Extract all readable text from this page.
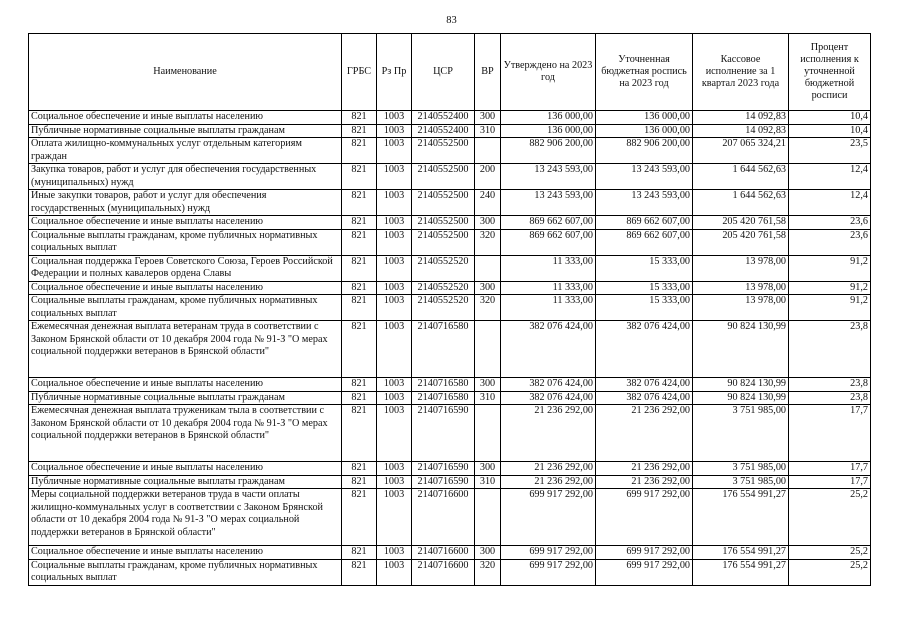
83
Наименование	ГРБС	Рз Пр	ЦСР	ВР	Утверждено на 2023 год	Уточненная бюджетная роспись на 2023 год	Кассовое исполнение за 1 квартал 2023 года	Процент исполнения к уточненной бюджетной росписи
Социальное обеспечение и иные выплаты населению	821	1003	2140552400	300	136 000,00	136 000,00	14 092,83	10,4
Публичные нормативные социальные выплаты гражданам	821	1003	2140552400	310	136 000,00	136 000,00	14 092,83	10,4
Оплата жилищно-коммунальных услуг отдельным категориям граждан	821	1003	2140552500		882 906 200,00	882 906 200,00	207 065 324,21	23,5
Закупка товаров, работ и услуг для обеспечения государственных (муниципальных) нужд	821	1003	2140552500	200	13 243 593,00	13 243 593,00	1 644 562,63	12,4
Иные закупки товаров, работ и услуг для обеспечения государственных (муниципальных) нужд	821	1003	2140552500	240	13 243 593,00	13 243 593,00	1 644 562,63	12,4
Социальное обеспечение и иные выплаты населению	821	1003	2140552500	300	869 662 607,00	869 662 607,00	205 420 761,58	23,6
Социальные выплаты гражданам, кроме публичных нормативных социальных выплат	821	1003	2140552500	320	869 662 607,00	869 662 607,00	205 420 761,58	23,6
Социальная поддержка Героев Советского Союза, Героев Российской Федерации и полных кавалеров ордена Славы	821	1003	2140552520		11 333,00	15 333,00	13 978,00	91,2
Социальное обеспечение и иные выплаты населению	821	1003	2140552520	300	11 333,00	15 333,00	13 978,00	91,2
Социальные выплаты гражданам, кроме публичных нормативных социальных выплат	821	1003	2140552520	320	11 333,00	15 333,00	13 978,00	91,2
Ежемесячная денежная выплата ветеранам труда в соответствии с Законом Брянской области от 10 декабря 2004 года № 91-З "О мерах социальной поддержки ветеранов в Брянской области"	821	1003	2140716580		382 076 424,00	382 076 424,00	90 824 130,99	23,8
Социальное обеспечение и иные выплаты населению	821	1003	2140716580	300	382 076 424,00	382 076 424,00	90 824 130,99	23,8
Публичные нормативные социальные выплаты гражданам	821	1003	2140716580	310	382 076 424,00	382 076 424,00	90 824 130,99	23,8
Ежемесячная денежная выплата труженикам тыла в соответствии с Законом Брянской области от 10 декабря 2004 года № 91-З "О мерах социальной поддержки ветеранов в Брянской области"	821	1003	2140716590		21 236 292,00	21 236 292,00	3 751 985,00	17,7
Социальное обеспечение и иные выплаты населению	821	1003	2140716590	300	21 236 292,00	21 236 292,00	3 751 985,00	17,7
Публичные нормативные социальные выплаты гражданам	821	1003	2140716590	310	21 236 292,00	21 236 292,00	3 751 985,00	17,7
Меры социальной поддержки ветеранов труда в части оплаты жилищно-коммунальных услуг в соответствии с Законом Брянской области от 10 декабря 2004 года № 91-З "О мерах социальной поддержки ветеранов в Брянской области"	821	1003	2140716600		699 917 292,00	699 917 292,00	176 554 991,27	25,2
Социальное обеспечение и иные выплаты населению	821	1003	2140716600	300	699 917 292,00	699 917 292,00	176 554 991,27	25,2
Социальные выплаты гражданам, кроме публичных нормативных социальных выплат	821	1003	2140716600	320	699 917 292,00	699 917 292,00	176 554 991,27	25,2
